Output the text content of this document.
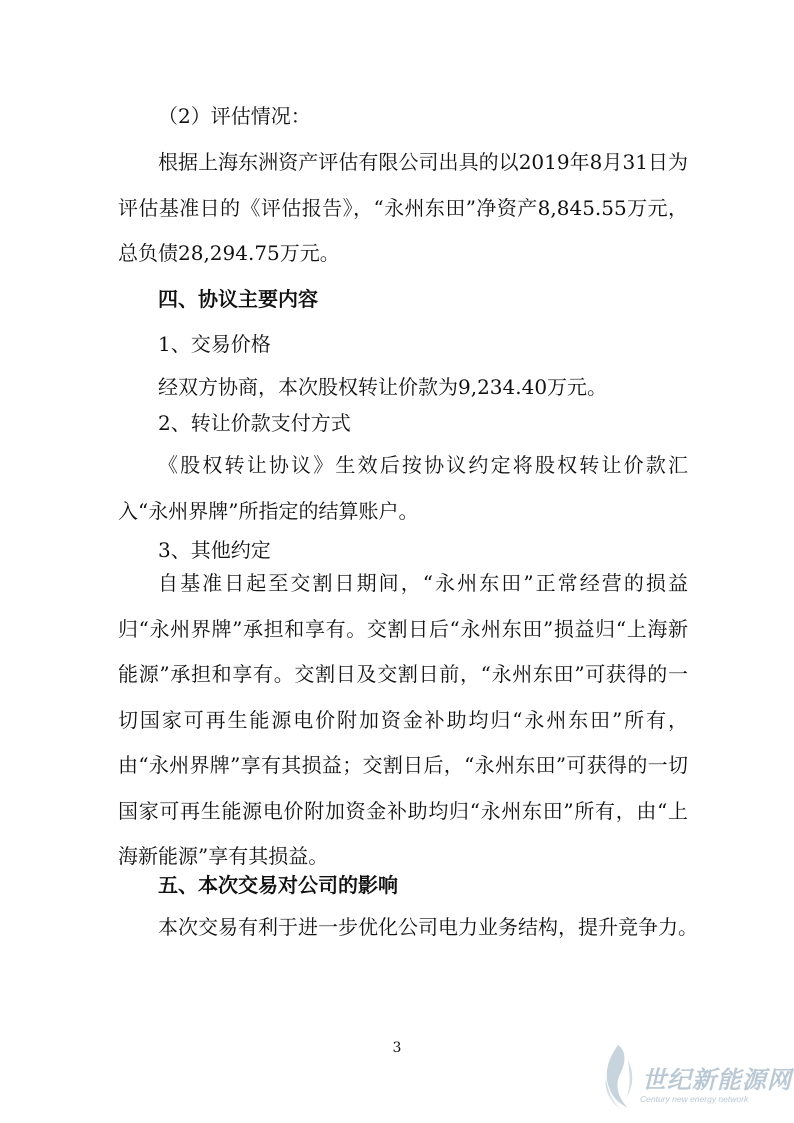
（2）评估情况：

根据上海东洲资产评估有限公司出具的以2019年8月31日为评估基准日的《评估报告》，“永州东田”净资产8,845.55万元，总负债28,294.75万元。

四、协议主要内容

1、交易价格

经双方协商，本次股权转让价款为9,234.40万元。

2、转让价款支付方式

《股权转让协议》生效后按协议约定将股权转让价款汇入“永州界牌”所指定的结算账户。

3、其他约定

自基准日起至交割日期间，“永州东田”正常经营的损益归“永州界牌”承担和享有。交割日后“永州东田”损益归“上海新能源”承担和享有。交割日及交割日前，“永州东田”可获得的一切国家可再生能源电价附加资金补助均归“永州东田”所有，由“永州界牌”享有其损益；交割日后，“永州东田”可获得的一切国家可再生能源电价附加资金补助均归“永州东田”所有，由“上海新能源”享有其损益。

五、本次交易对公司的影响

本次交易有利于进一步优化公司电力业务结构，提升竞争力。

3
世纪新能源网
Century new energy network
